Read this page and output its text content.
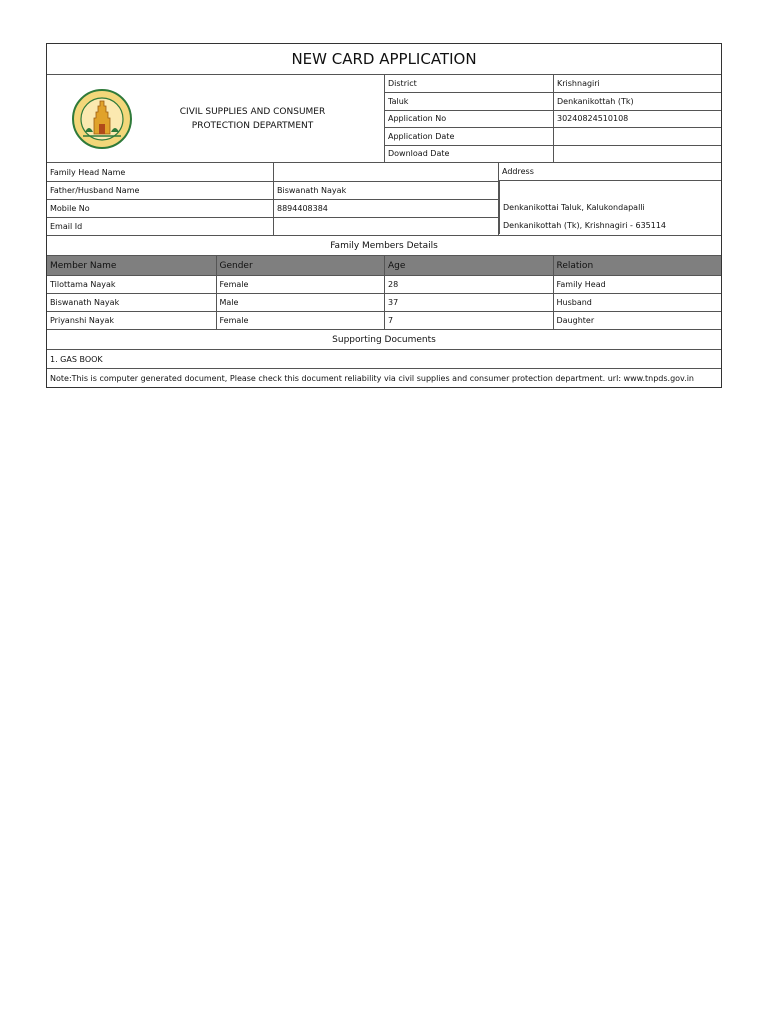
NEW CARD APPLICATION
CIVIL SUPPLIES AND CONSUMER
PROTECTION DEPARTMENT
District	Krishnagiri
Taluk	Denkanikottah (Tk)
Application No	30240824510108
Application Date
Download Date
Family Head Name
Father/Husband Name	Biswanath Nayak
Mobile No	8894408384
Email Id
Address
Denkanikottai Taluk, Kalukondapalli
Denkanikottah (Tk), Krishnagiri - 635114
Family Members Details
Member Name	Gender	Age	Relation
Tilottama Nayak	Female	28	Family Head
Biswanath Nayak	Male	37	Husband
Priyanshi Nayak	Female	7	Daughter
Supporting Documents
1. GAS BOOK
Note:This is computer generated document, Please check this document reliability via civil supplies and consumer protection department. url: www.tnpds.gov.in
